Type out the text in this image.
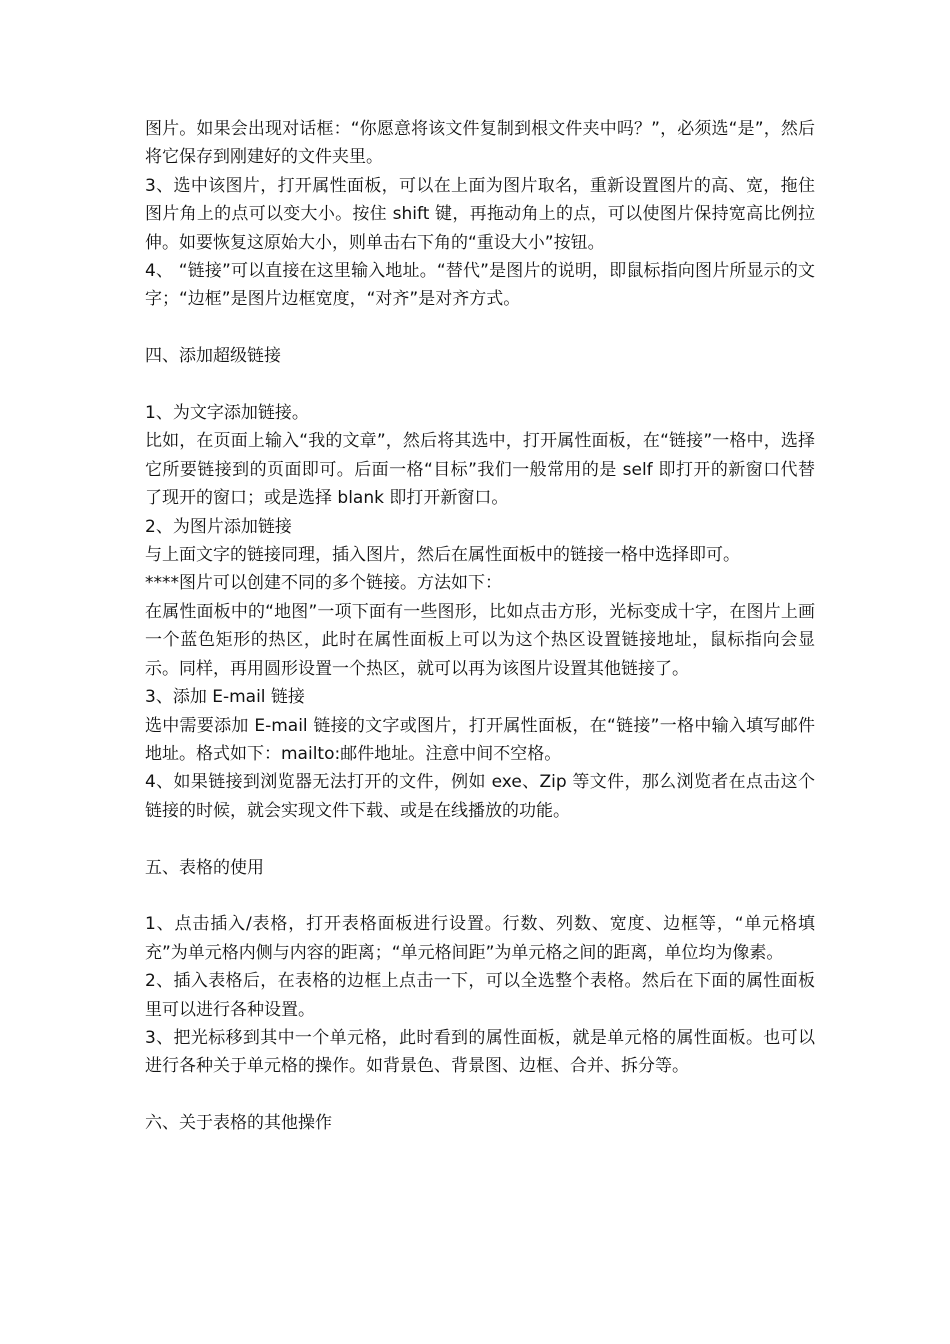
图片。如果会出现对话框：“你愿意将该文件复制到根文件夹中吗？”，必须选“是”，然后将它保存到刚建好的文件夹里。

3、选中该图片，打开属性面板，可以在上面为图片取名，重新设置图片的高、宽，拖住图片角上的点可以变大小。按住 shift 键，再拖动角上的点，可以使图片保持宽高比例拉伸。如要恢复这原始大小，则单击右下角的“重设大小”按钮。

4、 “链接”可以直接在这里输入地址。“替代”是图片的说明，即鼠标指向图片所显示的文字；“边框”是图片边框宽度，“对齐”是对齐方式。

四、添加超级链接

1、为文字添加链接。

比如，在页面上输入“我的文章”，然后将其选中，打开属性面板，在“链接”一格中，选择它所要链接到的页面即可。后面一格“目标”我们一般常用的是 self 即打开的新窗口代替了现开的窗口；或是选择 blank 即打开新窗口。

2、为图片添加链接

与上面文字的链接同理，插入图片，然后在属性面板中的链接一格中选择即可。

****图片可以创建不同的多个链接。方法如下：

在属性面板中的“地图”一项下面有一些图形，比如点击方形，光标变成十字，在图片上画一个蓝色矩形的热区，此时在属性面板上可以为这个热区设置链接地址，鼠标指向会显示。同样，再用圆形设置一个热区，就可以再为该图片设置其他链接了。

3、添加 E-mail 链接

选中需要添加 E-mail 链接的文字或图片，打开属性面板，在“链接”一格中输入填写邮件地址。格式如下：mailto:邮件地址。注意中间不空格。

4、如果链接到浏览器无法打开的文件，例如 exe、Zip 等文件，那么浏览者在点击这个链接的时候，就会实现文件下载、或是在线播放的功能。

五、表格的使用

1、点击插入/表格，打开表格面板进行设置。行数、列数、宽度、边框等，“单元格填充”为单元格内侧与内容的距离；“单元格间距”为单元格之间的距离，单位均为像素。

2、插入表格后，在表格的边框上点击一下，可以全选整个表格。然后在下面的属性面板里可以进行各种设置。

3、把光标移到其中一个单元格，此时看到的属性面板，就是单元格的属性面板。也可以进行各种关于单元格的操作。如背景色、背景图、边框、合并、拆分等。

六、关于表格的其他操作
